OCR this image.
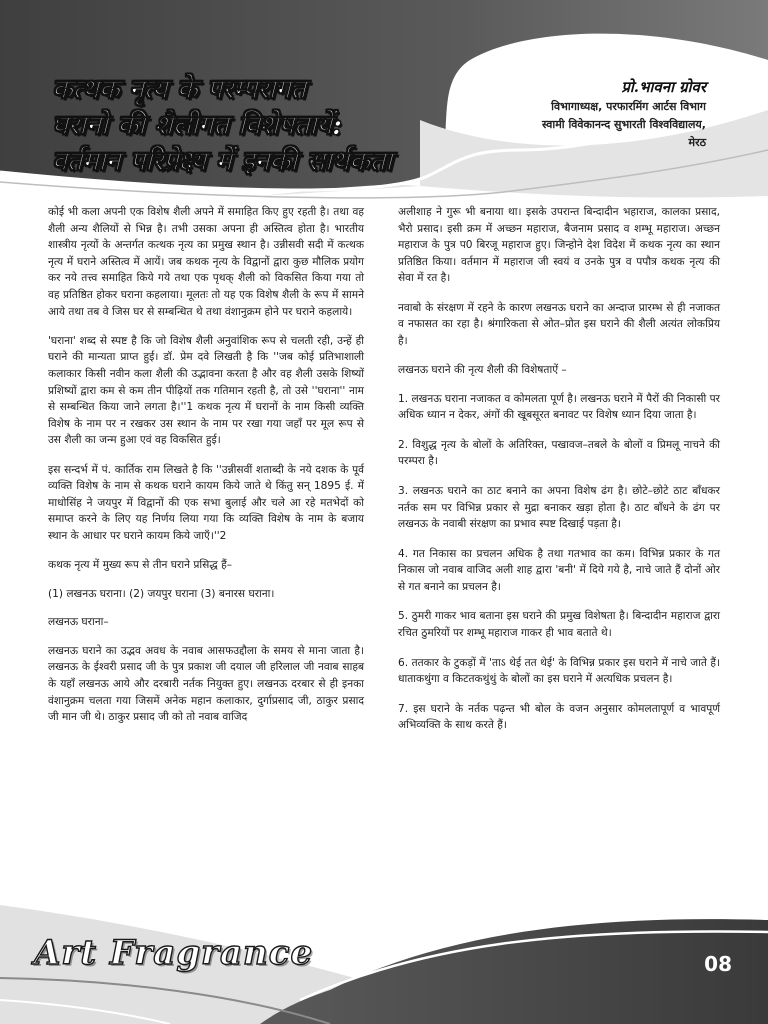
कत्थक नृत्य के परम्परागत
घरानो की शैलीगत विशेषतायें:
वर्तमान परिप्रेक्ष्य में इनकी सार्थकता
प्रो.भावना ग्रोवर
विभागाध्यक्ष, परफारमिंग आर्टस विभाग
स्वामी विवेकानन्द सुभारती विश्वविद्यालय,
मेरठ

कोई भी कला अपनी एक विशेष शैली अपने में समाहित किए हुए रहती है। तथा वह शैली अन्य शैलियों से भिन्न है। तभी उसका अपना ही अस्तित्व होता है। भारतीय शास्त्रीय नृत्यों के अन्तर्गत कत्थक नृत्य का प्रमुख स्थान है। उन्नीसवी सदी में कत्थक नृत्य में घराने अस्तित्व में आयें। जब कथक नृत्य के विद्वानों द्वारा कुछ मौलिक प्रयोग कर नये तत्त्व समाहित किये गये तथा एक पृथक् शैली को विकसित किया गया तो वह प्रतिष्ठित होकर घराना कहलाया। मूलतः तो यह एक विशेष शैली के रूप में सामने आये तथा तब वे जिस घर से सम्बन्धित थे तथा वंशानुक्रम होने पर घराने कहलाये।

'घराना' शब्द से स्पष्ट है कि जो विशेष शैली अनुवांशिक रूप से चलती रही, उन्हें ही घराने की मान्यता प्राप्त हुई। डॉ. प्रेम दवे लिखती है कि ''जब कोई प्रतिभाशाली कलाकार किसी नवीन कला शैली की उद्भावना करता है और वह शैली उसके शिष्यों प्रशिष्यों द्वारा कम से कम तीन पीढ़ियों तक गतिमान रहती है, तो उसे ''घराना'' नाम से सम्बन्धित किया जाने लगता है।''1 कथक नृत्य में घरानों के नाम किसी व्यक्ति विशेष के नाम पर न रखकर उस स्थान के नाम पर रखा गया जहाँ पर मूल रूप से उस शैली का जन्म हुआ एवं वह विकसित हुई।

इस सन्दर्भ में पं. कार्तिक राम लिखते है कि ''उन्नीसवीं शताब्दी के नये दशक के पूर्व व्यक्ति विशेष के नाम से कथक घराने कायम किये जाते थे किंतु सन् 1895 ई. में माधोसिंह ने जयपुर में विद्वानों की एक सभा बुलाई और चले आ रहे मतभेदों को समाप्त करने के लिए यह निर्णय लिया गया कि व्यक्ति विशेष के नाम के बजाय स्थान के आधार पर घराने कायम किये जाएँ।''2

कथक नृत्य में मुख्य रूप से तीन घराने प्रसिद्ध हैं–

(1) लखनऊ घराना। (2) जयपुर घराना (3) बनारस घराना।

लखनऊ घराना–

लखनऊ घराने का उद्भव अवध के नवाब आसफउद्दौला के समय से माना जाता है। लखनऊ के ईश्वरी प्रसाद जी के पुत्र प्रकाश जी दयाल जी हरिलाल जी नवाब साहब के यहाँ लखनऊ आये और दरबारी नर्तक नियुक्त हुए। लखनऊ दरबार से ही इनका वंशानुक्रम चलता गया जिसमें अनेक महान कलाकार, दुर्गाप्रसाद जी, ठाकुर प्रसाद जी मान जी थे। ठाकुर प्रसाद जी को तो नवाब वाजिद

अलीशाह ने गुरू भी बनाया था। इसके उपरान्त बिन्दादीन भहाराज, कालका प्रसाद, भैरो प्रसाद। इसी क्रम में अच्छन महाराज, बैजनाम प्रसाद व शम्भू महाराज। अच्छन महाराज के पुत्र प0 बिरजू महाराज हुए। जिन्होने देश विदेश में कथक नृत्य का स्थान प्रतिष्ठित किया। वर्तमान में महाराज जी स्वयं व उनके पुत्र व पपौत्र कथक नृत्य की सेवा में रत है।

नवाबो के संरक्षण में रहने के कारण लखनऊ घराने का अन्दाज प्रारम्भ से ही नजाकत व नफासत का रहा है। श्रंगारिकता से ओत–प्रोत इस घराने की शैली अत्यंत लोकप्रिय है।

लखनऊ घराने की नृत्य शैली की विशेषताऐं –

1. लखनऊ घराना नजाकत व कोमलता पूर्ण है। लखनऊ घराने में पैरों की निकासी पर अधिक ध्यान न देकर, अंगों की खूबसूरत बनावट पर विशेष ध्यान दिया जाता है।

2. विशुद्ध नृत्य के बोलों के अतिरिक्त, पखावज–तबले के बोलों व प्रिमलू नाचने की परम्परा है।

3. लखनऊ घराने का ठाट बनाने का अपना विशेष ढंग है। छोटे–छोटे ठाट बाँधकर नर्तक सम पर विभिन्न प्रकार से मुद्रा बनाकर खड़ा होता है। ठाट बाँधने के ढंग पर लखनऊ के नवाबी संरक्षण का प्रभाव स्पष्ट दिखाई पड़ता है।

4. गत निकास का प्रचलन अधिक है तथा गतभाव का कम। विभिन्न प्रकार के गत निकास जो नवाब वाजिद अली शाह द्वारा 'बनी' में दिये गये है, नाचे जाते हैं दोनों ओर से गत बनाने का प्रचलन है।

5. ठुमरी गाकर भाव बताना इस घराने की प्रमुख विशेषता है। बिन्दादीन महाराज द्वारा रचित ठुमरियों पर शम्भू महाराज गाकर ही भाव बताते थे।

6. ततकार के टुकड़ों में 'ताऽ थेई तत थेई' के विभिन्न प्रकार इस घराने में नाचे जाते हैं। धाताकथुंगा व किटतकथुंथुं के बोलों का इस घराने में अत्यधिक प्रचलन है।

7. इस घराने के नर्तक पढ़न्त भी बोल के वजन अनुसार कोमलतापूर्ण व भावपूर्ण अभिव्यक्ति के साथ करते हैं।

Art Fragrance	08
